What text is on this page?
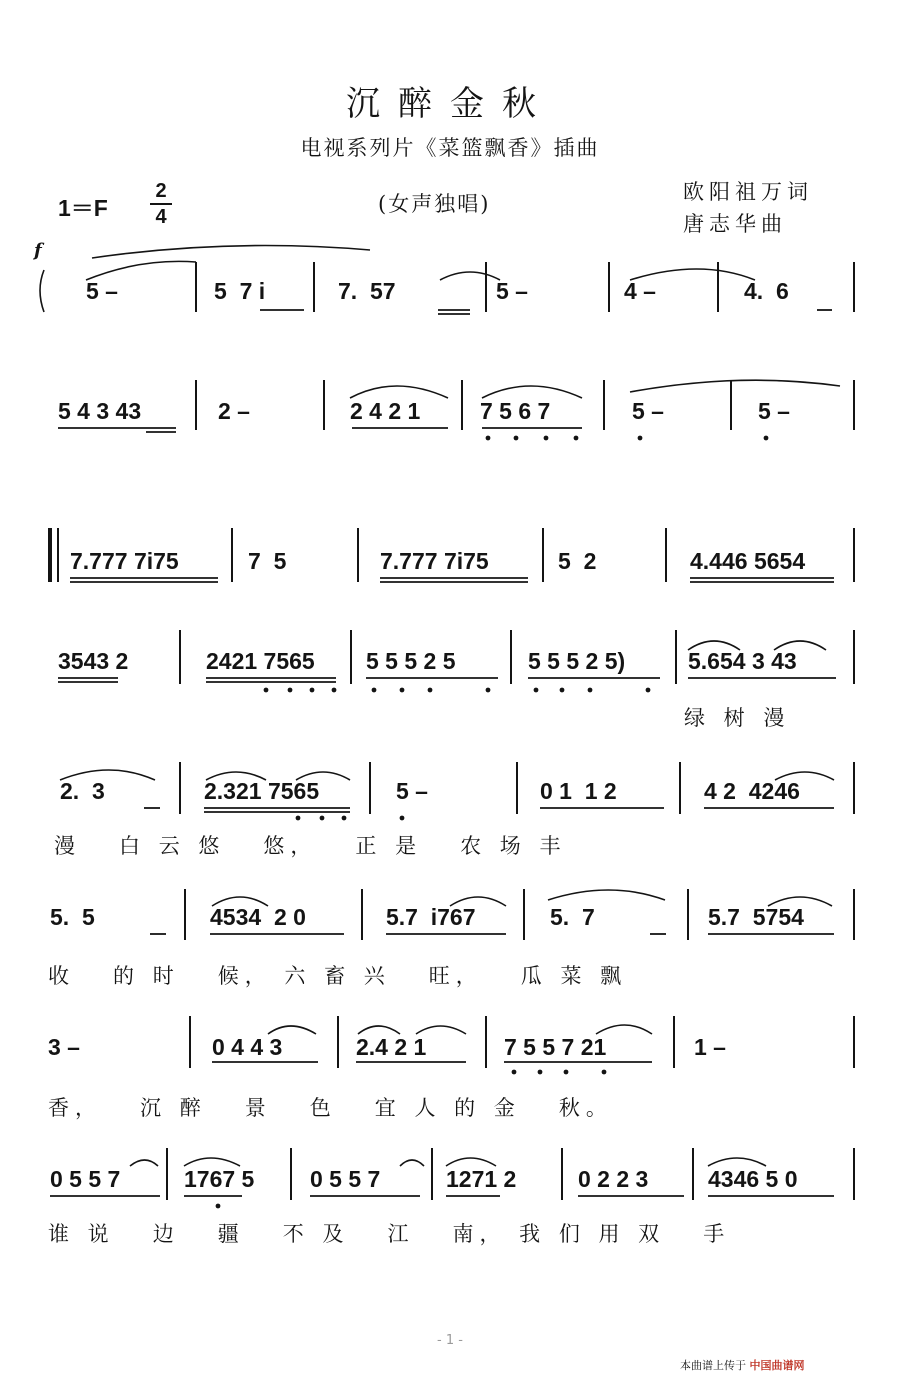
沉醉金秋
电视系列片《菜篮飘香》插曲
1＝F
2
4
(女声独唱)	欧阳祖万词
唐志华曲
f
5 –	5  7 i	7.  57	5 –	4 –	4.  6
5 4 3 43	2 –	2 4 2 1	7 5 6 7	5 –	5 –
7.777 7i75	7  5	7.777 7i75	5  2	4.446 5654
3543 2	2421 7565 5 5 5 2 5	5 5 5 2 5)	5.654 3 43
绿 树 漫
2.  3	2.321 7565	5 –	0 1  1 2	4 2  4246
漫   白 云 悠   悠，   正 是   农 场 丰
5.  5	4534  2 0	5.7  i767	5.  7	5.7  5754
收   的 时   候， 六 畜 兴   旺，   瓜 菜 飘
3 –	0 4 4 3	2.4 2 1	7 5 5 7 21	1 –
香，   沉 醉   景   色   宜 人 的 金   秋。
0 5 5 7	1767 5 0 5 5 7	1271 2	0 2 2 3	4346 5 0
谁 说   边   疆   不 及   江   南， 我 们 用 双   手
- 1 -
本曲谱上传于 中国曲谱网
